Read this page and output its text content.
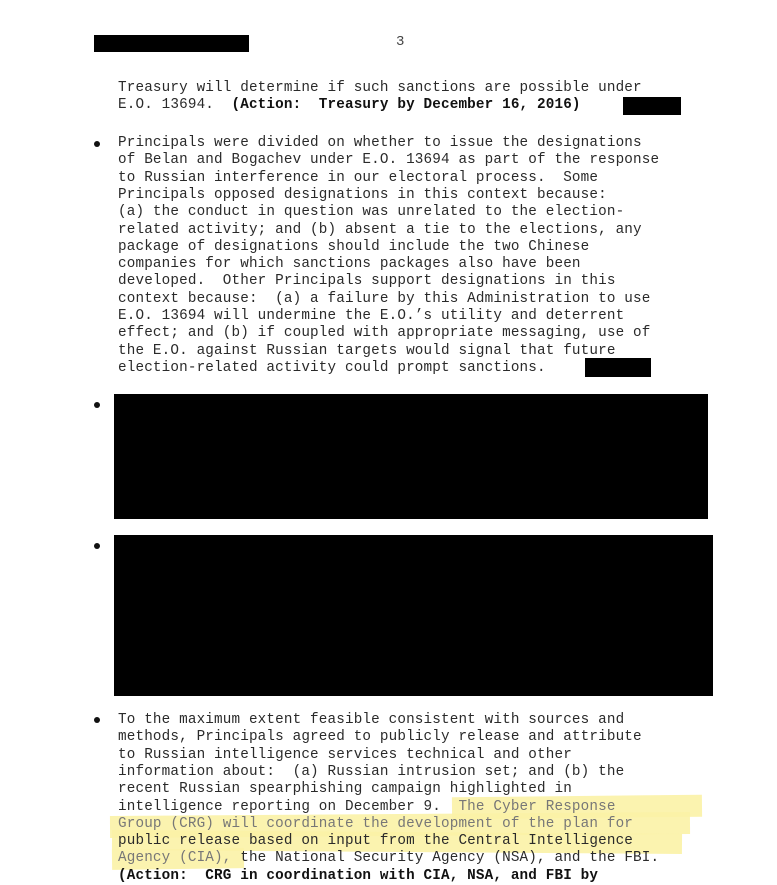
3
Treasury will determine if such sanctions are possible under
E.O. 13694.  (Action:  Treasury by December 16, 2016)
Principals were divided on whether to issue the designations
of Belan and Bogachev under E.O. 13694 as part of the response
to Russian interference in our electoral process.  Some
Principals opposed designations in this context because:
(a) the conduct in question was unrelated to the election-
related activity; and (b) absent a tie to the elections, any
package of designations should include the two Chinese
companies for which sanctions packages also have been
developed.  Other Principals support designations in this
context because:  (a) a failure by this Administration to use
E.O. 13694 will undermine the E.O.’s utility and deterrent
effect; and (b) if coupled with appropriate messaging, use of
the E.O. against Russian targets would signal that future
election-related activity could prompt sanctions.
To the maximum extent feasible consistent with sources and
methods, Principals agreed to publicly release and attribute
to Russian intelligence services technical and other
information about:  (a) Russian intrusion set; and (b) the
recent Russian spearphishing campaign highlighted in
intelligence reporting on December 9.  The Cyber Response
Group (CRG) will coordinate the development of the plan for
public release based on input from the Central Intelligence
Agency (CIA), the National Security Agency (NSA), and the FBI.
(Action:  CRG in coordination with CIA, NSA, and FBI by
